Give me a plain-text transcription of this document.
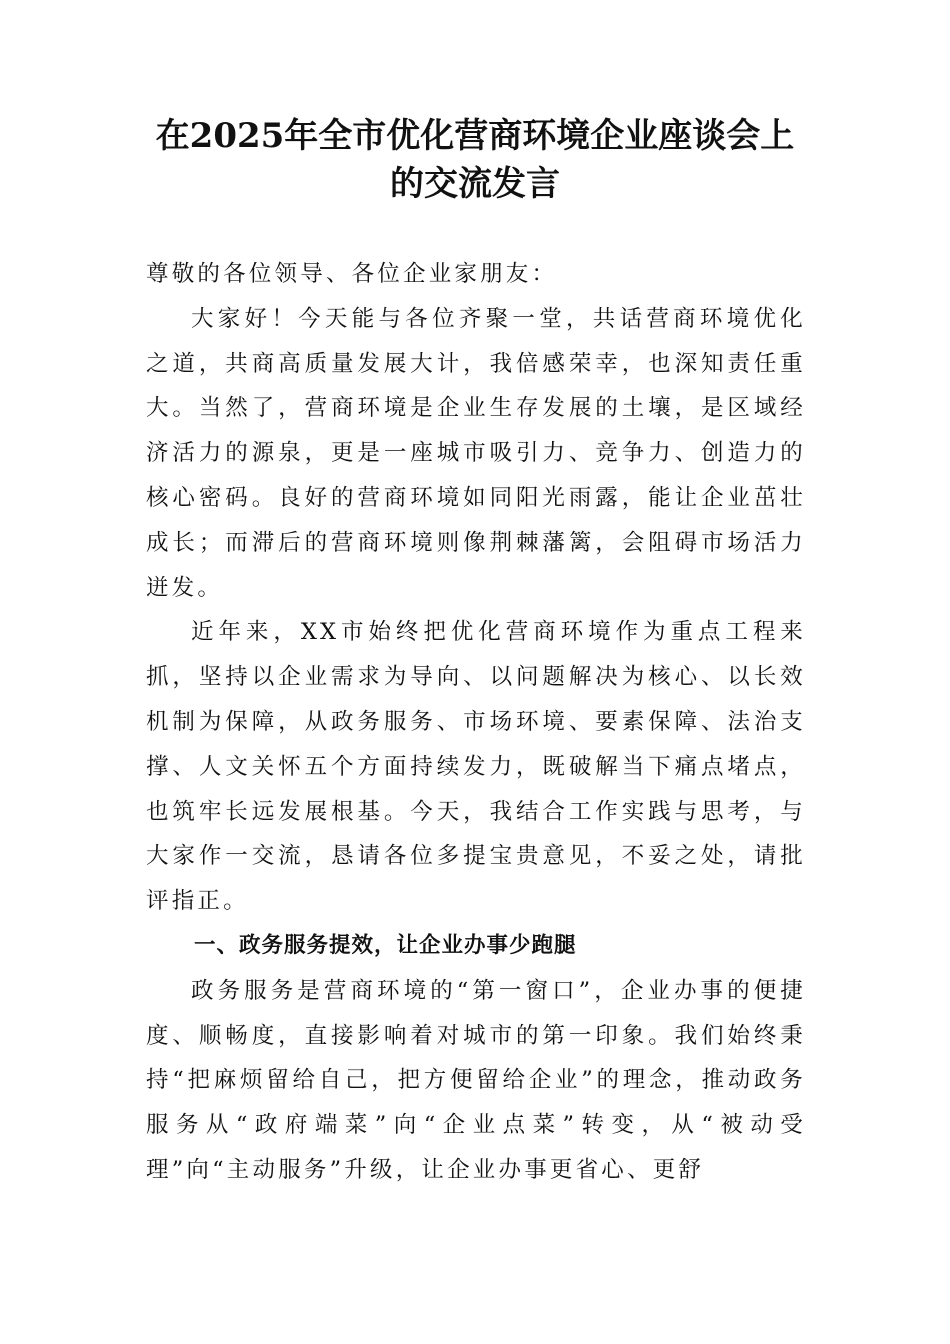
在2025年全市优化营商环境企业座谈会上的交流发言

尊敬的各位领导、各位企业家朋友：

大家好！今天能与各位齐聚一堂，共话营商环境优化之道，共商高质量发展大计，我倍感荣幸，也深知责任重大。当然了，营商环境是企业生存发展的土壤，是区域经济活力的源泉，更是一座城市吸引力、竞争力、创造力的核心密码。良好的营商环境如同阳光雨露，能让企业茁壮成长；而滞后的营商环境则像荆棘藩篱，会阻碍市场活力迸发。

近年来，XX市始终把优化营商环境作为重点工程来抓，坚持以企业需求为导向、以问题解决为核心、以长效机制为保障，从政务服务、市场环境、要素保障、法治支撑、人文关怀五个方面持续发力，既破解当下痛点堵点，也筑牢长远发展根基。今天，我结合工作实践与思考，与大家作一交流，恳请各位多提宝贵意见，不妥之处，请批评指正。

一、政务服务提效，让企业办事少跑腿

政务服务是营商环境的“第一窗口”，企业办事的便捷度、顺畅度，直接影响着对城市的第一印象。我们始终秉持“把麻烦留给自己，把方便留给企业”的理念，推动政务服务从“政府端菜”向“企业点菜”转变，从“被动受理”向“主动服务”升级，让企业办事更省心、更舒
